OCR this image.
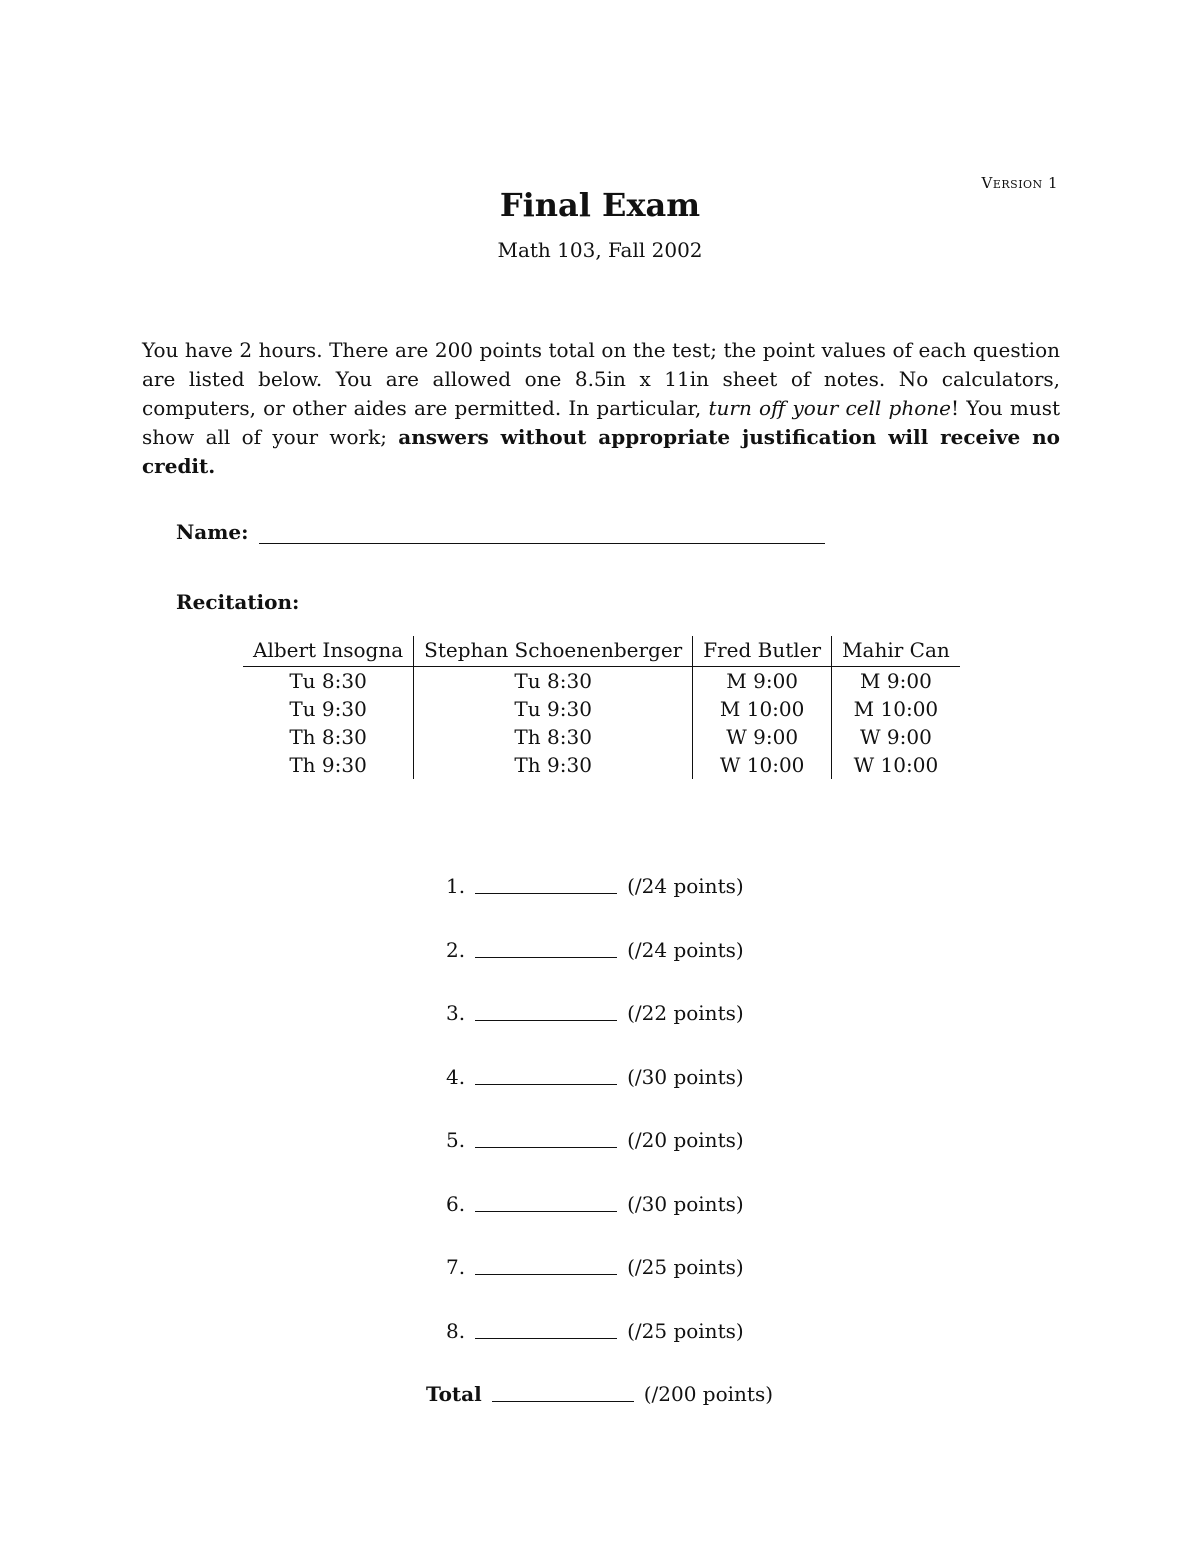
Version 1
Final Exam
Math 103, Fall 2002
You have 2 hours. There are 200 points total on the test; the point values of each question are listed below. You are allowed one 8.5in x 11in sheet of notes. No calculators, computers, or other aides are permitted. In particular, turn off your cell phone! You must show all of your work; answers without appropriate justification will receive no credit.
Name:
Recitation:
Albert Insogna	Stephan Schoenenberger	Fred Butler	Mahir Can
Tu 8:30	Tu 8:30	M 9:00	M 9:00
Tu 9:30	Tu 9:30	M 10:00	M 10:00
Th 8:30	Th 8:30	W 9:00	W 9:00
Th 9:30	Th 9:30	W 10:00	W 10:00
1.	(/24 points)
2.	(/24 points)
3.	(/22 points)
4.	(/30 points)
5.	(/20 points)
6.	(/30 points)
7.	(/25 points)
8.	(/25 points)
Total	(/200 points)
